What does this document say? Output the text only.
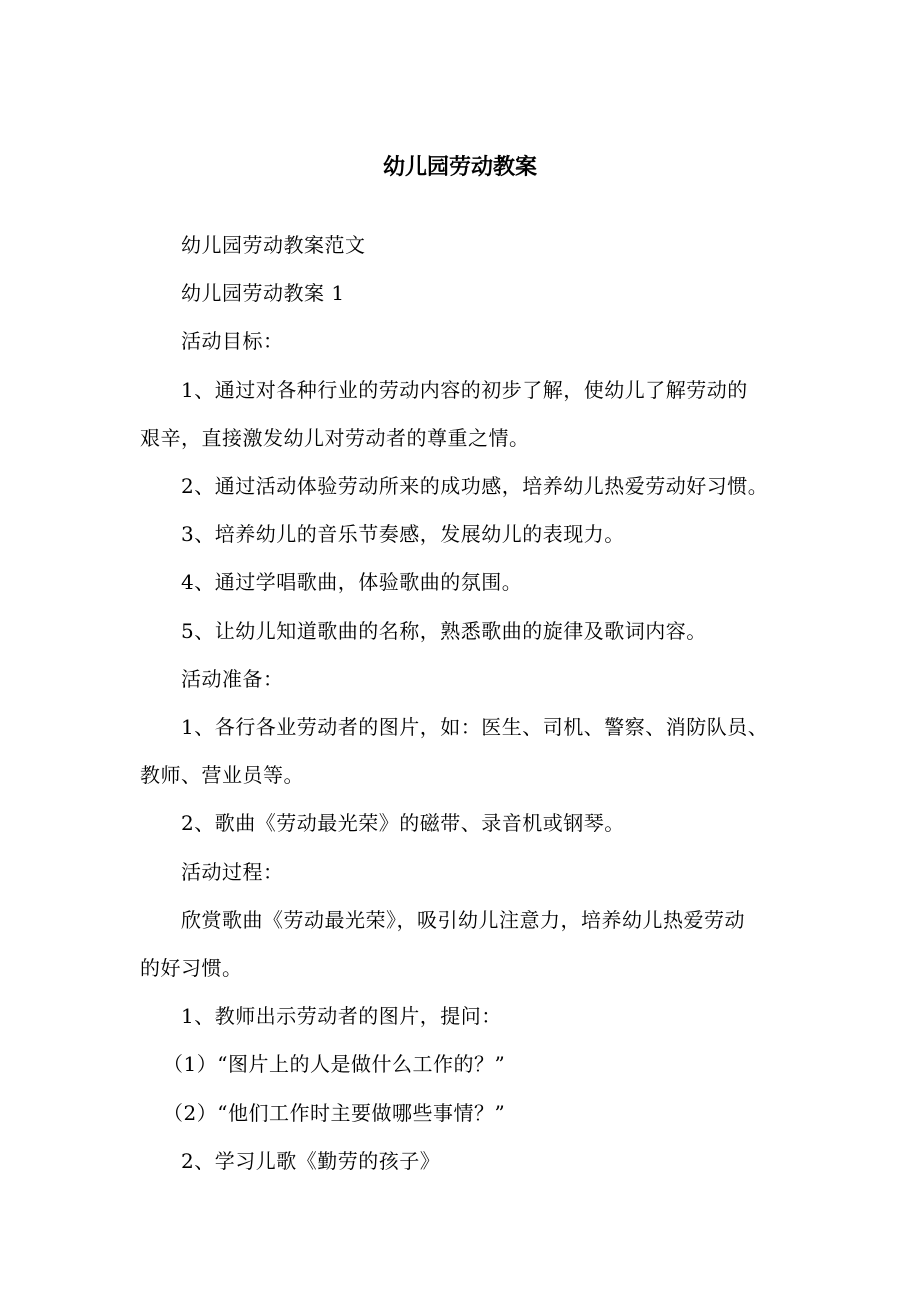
幼儿园劳动教案
幼儿园劳动教案范文
幼儿园劳动教案 1
活动目标：
1、通过对各种行业的劳动内容的初步了解，使幼儿了解劳动的
艰辛，直接激发幼儿对劳动者的尊重之情。
2、通过活动体验劳动所来的成功感，培养幼儿热爱劳动好习惯。
3、培养幼儿的音乐节奏感，发展幼儿的表现力。
4、通过学唱歌曲，体验歌曲的氛围。
5、让幼儿知道歌曲的名称，熟悉歌曲的旋律及歌词内容。
活动准备：
1、各行各业劳动者的图片，如：医生、司机、警察、消防队员、
教师、营业员等。
2、歌曲《劳动最光荣》的磁带、录音机或钢琴。
活动过程：
欣赏歌曲《劳动最光荣》，吸引幼儿注意力，培养幼儿热爱劳动
的好习惯。
1、教师出示劳动者的图片，提问：
（1）“图片上的人是做什么工作的？”
（2）“他们工作时主要做哪些事情？”
2、学习儿歌《勤劳的孩子》
